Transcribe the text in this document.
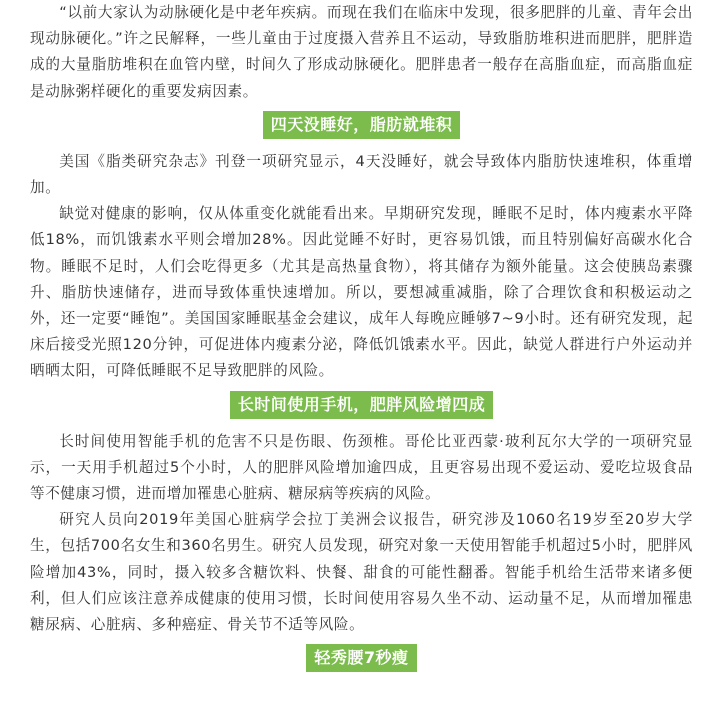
“以前大家认为动脉硬化是中老年疾病。而现在我们在临床中发现，很多肥胖的儿童、青年会出现动脉硬化。”许之民解释，一些儿童由于过度摄入营养且不运动，导致脂肪堆积进而肥胖，肥胖造成的大量脂肪堆积在血管内壁，时间久了形成动脉硬化。肥胖患者一般存在高脂血症，而高脂血症是动脉粥样硬化的重要发病因素。

四天没睡好，脂肪就堆积

美国《脂类研究杂志》刊登一项研究显示，4天没睡好，就会导致体内脂肪快速堆积，体重增加。

缺觉对健康的影响，仅从体重变化就能看出来。早期研究发现，睡眠不足时，体内瘦素水平降低18%，而饥饿素水平则会增加28%。因此觉睡不好时，更容易饥饿，而且特别偏好高碳水化合物。睡眠不足时，人们会吃得更多（尤其是高热量食物），将其储存为额外能量。这会使胰岛素骤升、脂肪快速储存，进而导致体重快速增加。所以，要想减重减脂，除了合理饮食和积极运动之外，还一定要“睡饱”。美国国家睡眠基金会建议，成年人每晚应睡够7~9小时。还有研究发现，起床后接受光照120分钟，可促进体内瘦素分泌，降低饥饿素水平。因此，缺觉人群进行户外运动并晒晒太阳，可降低睡眠不足导致肥胖的风险。

长时间使用手机，肥胖风险增四成

长时间使用智能手机的危害不只是伤眼、伤颈椎。哥伦比亚西蒙·玻利瓦尔大学的一项研究显示，一天用手机超过5个小时，人的肥胖风险增加逾四成，且更容易出现不爱运动、爱吃垃圾食品等不健康习惯，进而增加罹患心脏病、糖尿病等疾病的风险。

研究人员向2019年美国心脏病学会拉丁美洲会议报告，研究涉及1060名19岁至20岁大学生，包括700名女生和360名男生。研究人员发现，研究对象一天使用智能手机超过5小时，肥胖风险增加43%，同时，摄入较多含糖饮料、快餐、甜食的可能性翻番。智能手机给生活带来诸多便利，但人们应该注意养成健康的使用习惯，长时间使用容易久坐不动、运动量不足，从而增加罹患糖尿病、心脏病、多种癌症、骨关节不适等风险。

轻秀腰7秒瘦
